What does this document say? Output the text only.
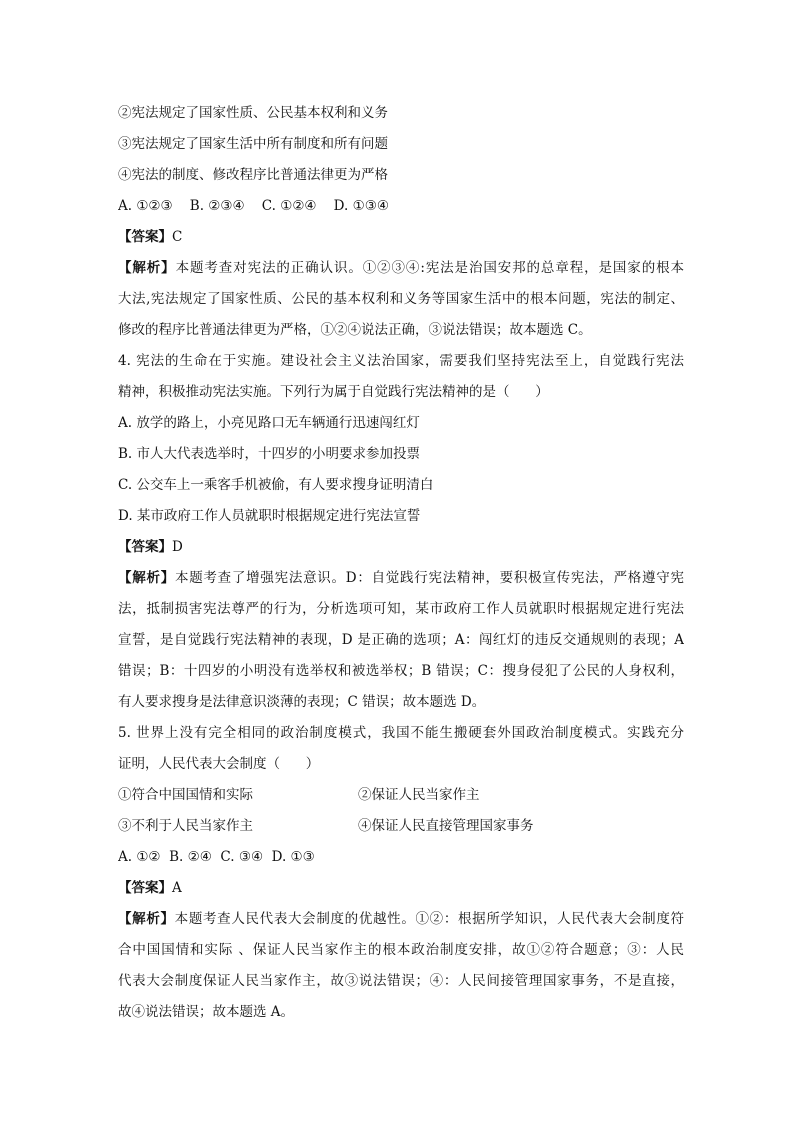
②宪法规定了国家性质、公民基本权利和义务
③宪法规定了国家生活中所有制度和所有问题
④宪法的制度、修改程序比普通法律更为严格
A. ①②③    B. ②③④    C. ①②④    D. ①③④
【答案】C
【解析】本题考查对宪法的正确认识。①②③④:宪法是治国安邦的总章程，是国家的根本
大法,宪法规定了国家性质、公民的基本权利和义务等国家生活中的根本问题，宪法的制定、
修改的程序比普通法律更为严格，①②④说法正确，③说法错误；故本题选 C。
4. 宪法的生命在于实施。建设社会主义法治国家，需要我们坚持宪法至上，自觉践行宪法
精神，积极推动宪法实施。下列行为属于自觉践行宪法精神的是（      ）
A. 放学的路上，小亮见路口无车辆通行迅速闯红灯
B. 市人大代表选举时，十四岁的小明要求参加投票
C. 公交车上一乘客手机被偷，有人要求搜身证明清白
D. 某市政府工作人员就职时根据规定进行宪法宣誓
【答案】D
【解析】本题考查了增强宪法意识。D：自觉践行宪法精神，要积极宣传宪法，严格遵守宪
法，抵制损害宪法尊严的行为，分析选项可知，某市政府工作人员就职时根据规定进行宪法
宣誓，是自觉践行宪法精神的表现，D 是正确的选项；A：闯红灯的违反交通规则的表现；A
错误；B：十四岁的小明没有选举权和被选举权；B 错误；C：搜身侵犯了公民的人身权利，
有人要求搜身是法律意识淡薄的表现；C 错误；故本题选 D。
5. 世界上没有完全相同的政治制度模式，我国不能生搬硬套外国政治制度模式。实践充分
证明，人民代表大会制度（      ）
①符合中国国情和实际	②保证人民当家作主
③不利于人民当家作主	④保证人民直接管理国家事务
A. ①②  B. ②④  C. ③④  D. ①③
【答案】A
【解析】本题考查人民代表大会制度的优越性。①②：根据所学知识，人民代表大会制度符
合中国国情和实际 、保证人民当家作主的根本政治制度安排，故①②符合题意；③：人民
代表大会制度保证人民当家作主，故③说法错误；④：人民间接管理国家事务，不是直接，
故④说法错误；故本题选 A。
